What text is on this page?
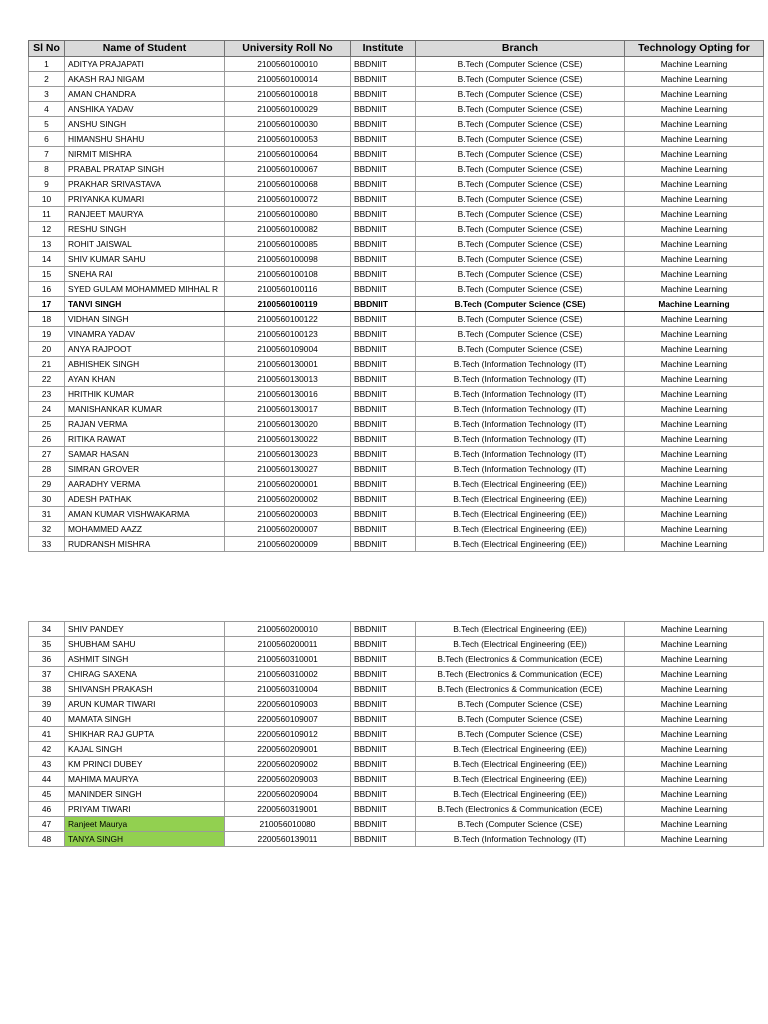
Sl No	Name of Student	University Roll No	Institute	Branch	Technology Opting for
1	ADITYA PRAJAPATI	2100560100010	BBDNIIT	B.Tech (Computer Science (CSE)	Machine Learning
2	AKASH RAJ NIGAM	2100560100014	BBDNIIT	B.Tech (Computer Science (CSE)	Machine Learning
3	AMAN CHANDRA	2100560100018	BBDNIIT	B.Tech (Computer Science (CSE)	Machine Learning
4	ANSHIKA YADAV	2100560100029	BBDNIIT	B.Tech (Computer Science (CSE)	Machine Learning
5	ANSHU SINGH	2100560100030	BBDNIIT	B.Tech (Computer Science (CSE)	Machine Learning
6	HIMANSHU SHAHU	2100560100053	BBDNIIT	B.Tech (Computer Science (CSE)	Machine Learning
7	NIRMIT MISHRA	2100560100064	BBDNIIT	B.Tech (Computer Science (CSE)	Machine Learning
8	PRABAL PRATAP SINGH	2100560100067	BBDNIIT	B.Tech (Computer Science (CSE)	Machine Learning
9	PRAKHAR SRIVASTAVA	2100560100068	BBDNIIT	B.Tech (Computer Science (CSE)	Machine Learning
10	PRIYANKA KUMARI	2100560100072	BBDNIIT	B.Tech (Computer Science (CSE)	Machine Learning
11	RANJEET MAURYA	2100560100080	BBDNIIT	B.Tech (Computer Science (CSE)	Machine Learning
12	RESHU SINGH	2100560100082	BBDNIIT	B.Tech (Computer Science (CSE)	Machine Learning
13	ROHIT JAISWAL	2100560100085	BBDNIIT	B.Tech (Computer Science (CSE)	Machine Learning
14	SHIV KUMAR SAHU	2100560100098	BBDNIIT	B.Tech (Computer Science (CSE)	Machine Learning
15	SNEHA RAI	2100560100108	BBDNIIT	B.Tech (Computer Science (CSE)	Machine Learning
16	SYED GULAM MOHAMMED MIHHAL R	2100560100116	BBDNIIT	B.Tech (Computer Science (CSE)	Machine Learning
17	TANVI SINGH	2100560100119	BBDNIIT	B.Tech (Computer Science (CSE)	Machine Learning
18	VIDHAN SINGH	2100560100122	BBDNIIT	B.Tech (Computer Science (CSE)	Machine Learning
19	VINAMRA YADAV	2100560100123	BBDNIIT	B.Tech (Computer Science (CSE)	Machine Learning
20	ANYA RAJPOOT	2100560109004	BBDNIIT	B.Tech (Computer Science (CSE)	Machine Learning
21	ABHISHEK SINGH	2100560130001	BBDNIIT	B.Tech (Information Technology (IT)	Machine Learning
22	AYAN KHAN	2100560130013	BBDNIIT	B.Tech (Information Technology (IT)	Machine Learning
23	HRITHIK KUMAR	2100560130016	BBDNIIT	B.Tech (Information Technology (IT)	Machine Learning
24	MANISHANKAR KUMAR	2100560130017	BBDNIIT	B.Tech (Information Technology (IT)	Machine Learning
25	RAJAN VERMA	2100560130020	BBDNIIT	B.Tech (Information Technology (IT)	Machine Learning
26	RITIKA RAWAT	2100560130022	BBDNIIT	B.Tech (Information Technology (IT)	Machine Learning
27	SAMAR HASAN	2100560130023	BBDNIIT	B.Tech (Information Technology (IT)	Machine Learning
28	SIMRAN GROVER	2100560130027	BBDNIIT	B.Tech (Information Technology (IT)	Machine Learning
29	AARADHY VERMA	2100560200001	BBDNIIT	B.Tech (Electrical Engineering (EE))	Machine Learning
30	ADESH PATHAK	2100560200002	BBDNIIT	B.Tech (Electrical Engineering (EE))	Machine Learning
31	AMAN KUMAR VISHWAKARMA	2100560200003	BBDNIIT	B.Tech (Electrical Engineering (EE))	Machine Learning
32	MOHAMMED AAZZ	2100560200007	BBDNIIT	B.Tech (Electrical Engineering (EE))	Machine Learning
33	RUDRANSH MISHRA	2100560200009	BBDNIIT	B.Tech (Electrical Engineering (EE))	Machine Learning
34	SHIV PANDEY	2100560200010	BBDNIIT	B.Tech (Electrical Engineering (EE))	Machine Learning
35	SHUBHAM SAHU	2100560200011	BBDNIIT	B.Tech (Electrical Engineering (EE))	Machine Learning
36	ASHMIT SINGH	2100560310001	BBDNIIT	B.Tech (Electronics & Communication (ECE)	Machine Learning
37	CHIRAG SAXENA	2100560310002	BBDNIIT	B.Tech (Electronics & Communication (ECE)	Machine Learning
38	SHIVANSH PRAKASH	2100560310004	BBDNIIT	B.Tech (Electronics & Communication (ECE)	Machine Learning
39	ARUN KUMAR TIWARI	2200560109003	BBDNIIT	B.Tech (Computer Science (CSE)	Machine Learning
40	MAMATA SINGH	2200560109007	BBDNIIT	B.Tech (Computer Science (CSE)	Machine Learning
41	SHIKHAR RAJ GUPTA	2200560109012	BBDNIIT	B.Tech (Computer Science (CSE)	Machine Learning
42	KAJAL SINGH	2200560209001	BBDNIIT	B.Tech (Electrical Engineering (EE))	Machine Learning
43	KM PRINCI DUBEY	2200560209002	BBDNIIT	B.Tech (Electrical Engineering (EE))	Machine Learning
44	MAHIMA MAURYA	2200560209003	BBDNIIT	B.Tech (Electrical Engineering (EE))	Machine Learning
45	MANINDER SINGH	2200560209004	BBDNIIT	B.Tech (Electrical Engineering (EE))	Machine Learning
46	PRIYAM TIWARI	2200560319001	BBDNIIT	B.Tech (Electronics & Communication (ECE)	Machine Learning
47	Ranjeet Maurya	210056010080	BBDNIIT	B.Tech (Computer Science (CSE)	Machine Learning
48	TANYA SINGH	2200560139011	BBDNIIT	B.Tech (Information Technology (IT)	Machine Learning
